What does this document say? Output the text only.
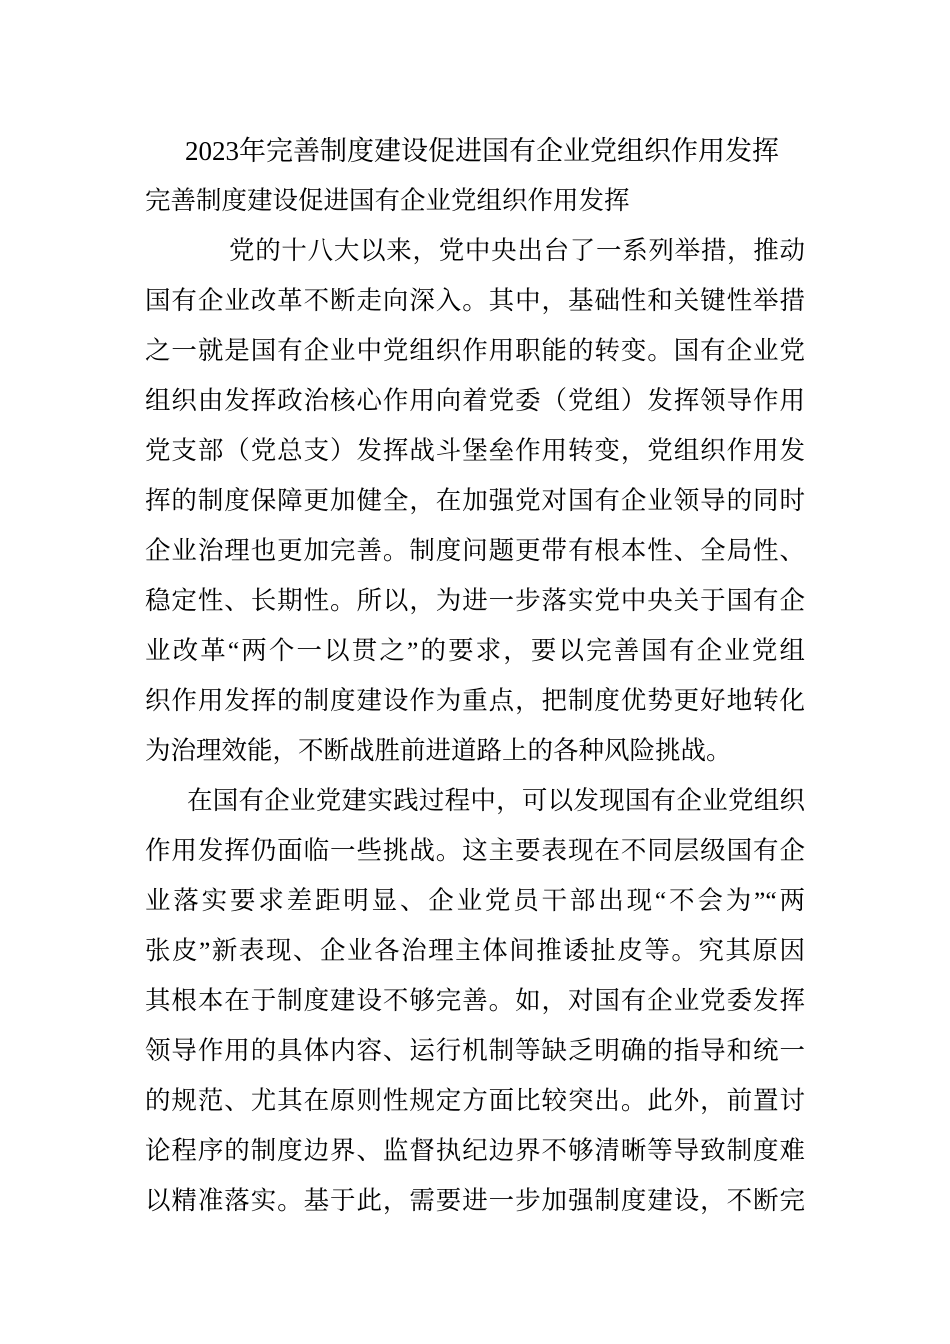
2023年完善制度建设促进国有企业党组织作用发挥
完善制度建设促进国有企业党组织作用发挥
党的十八大以来，党中央出台了一系列举措，推动
国有企业改革不断走向深入。其中，基础性和关键性举措
之一就是国有企业中党组织作用职能的转变。国有企业党
组织由发挥政治核心作用向着党委（党组）发挥领导作用
党支部（党总支）发挥战斗堡垒作用转变，党组织作用发
挥的制度保障更加健全，在加强党对国有企业领导的同时
企业治理也更加完善。制度问题更带有根本性、全局性、
稳定性、长期性。所以，为进一步落实党中央关于国有企
业改革“两个一以贯之”的要求，要以完善国有企业党组
织作用发挥的制度建设作为重点，把制度优势更好地转化
为治理效能，不断战胜前进道路上的各种风险挑战。
在国有企业党建实践过程中，可以发现国有企业党组织
作用发挥仍面临一些挑战。这主要表现在不同层级国有企
业落实要求差距明显、企业党员干部出现“不会为”“两
张皮”新表现、企业各治理主体间推诿扯皮等。究其原因
其根本在于制度建设不够完善。如，对国有企业党委发挥
领导作用的具体内容、运行机制等缺乏明确的指导和统一
的规范、尤其在原则性规定方面比较突出。此外，前置讨
论程序的制度边界、监督执纪边界不够清晰等导致制度难
以精准落实。基于此，需要进一步加强制度建设，不断完
